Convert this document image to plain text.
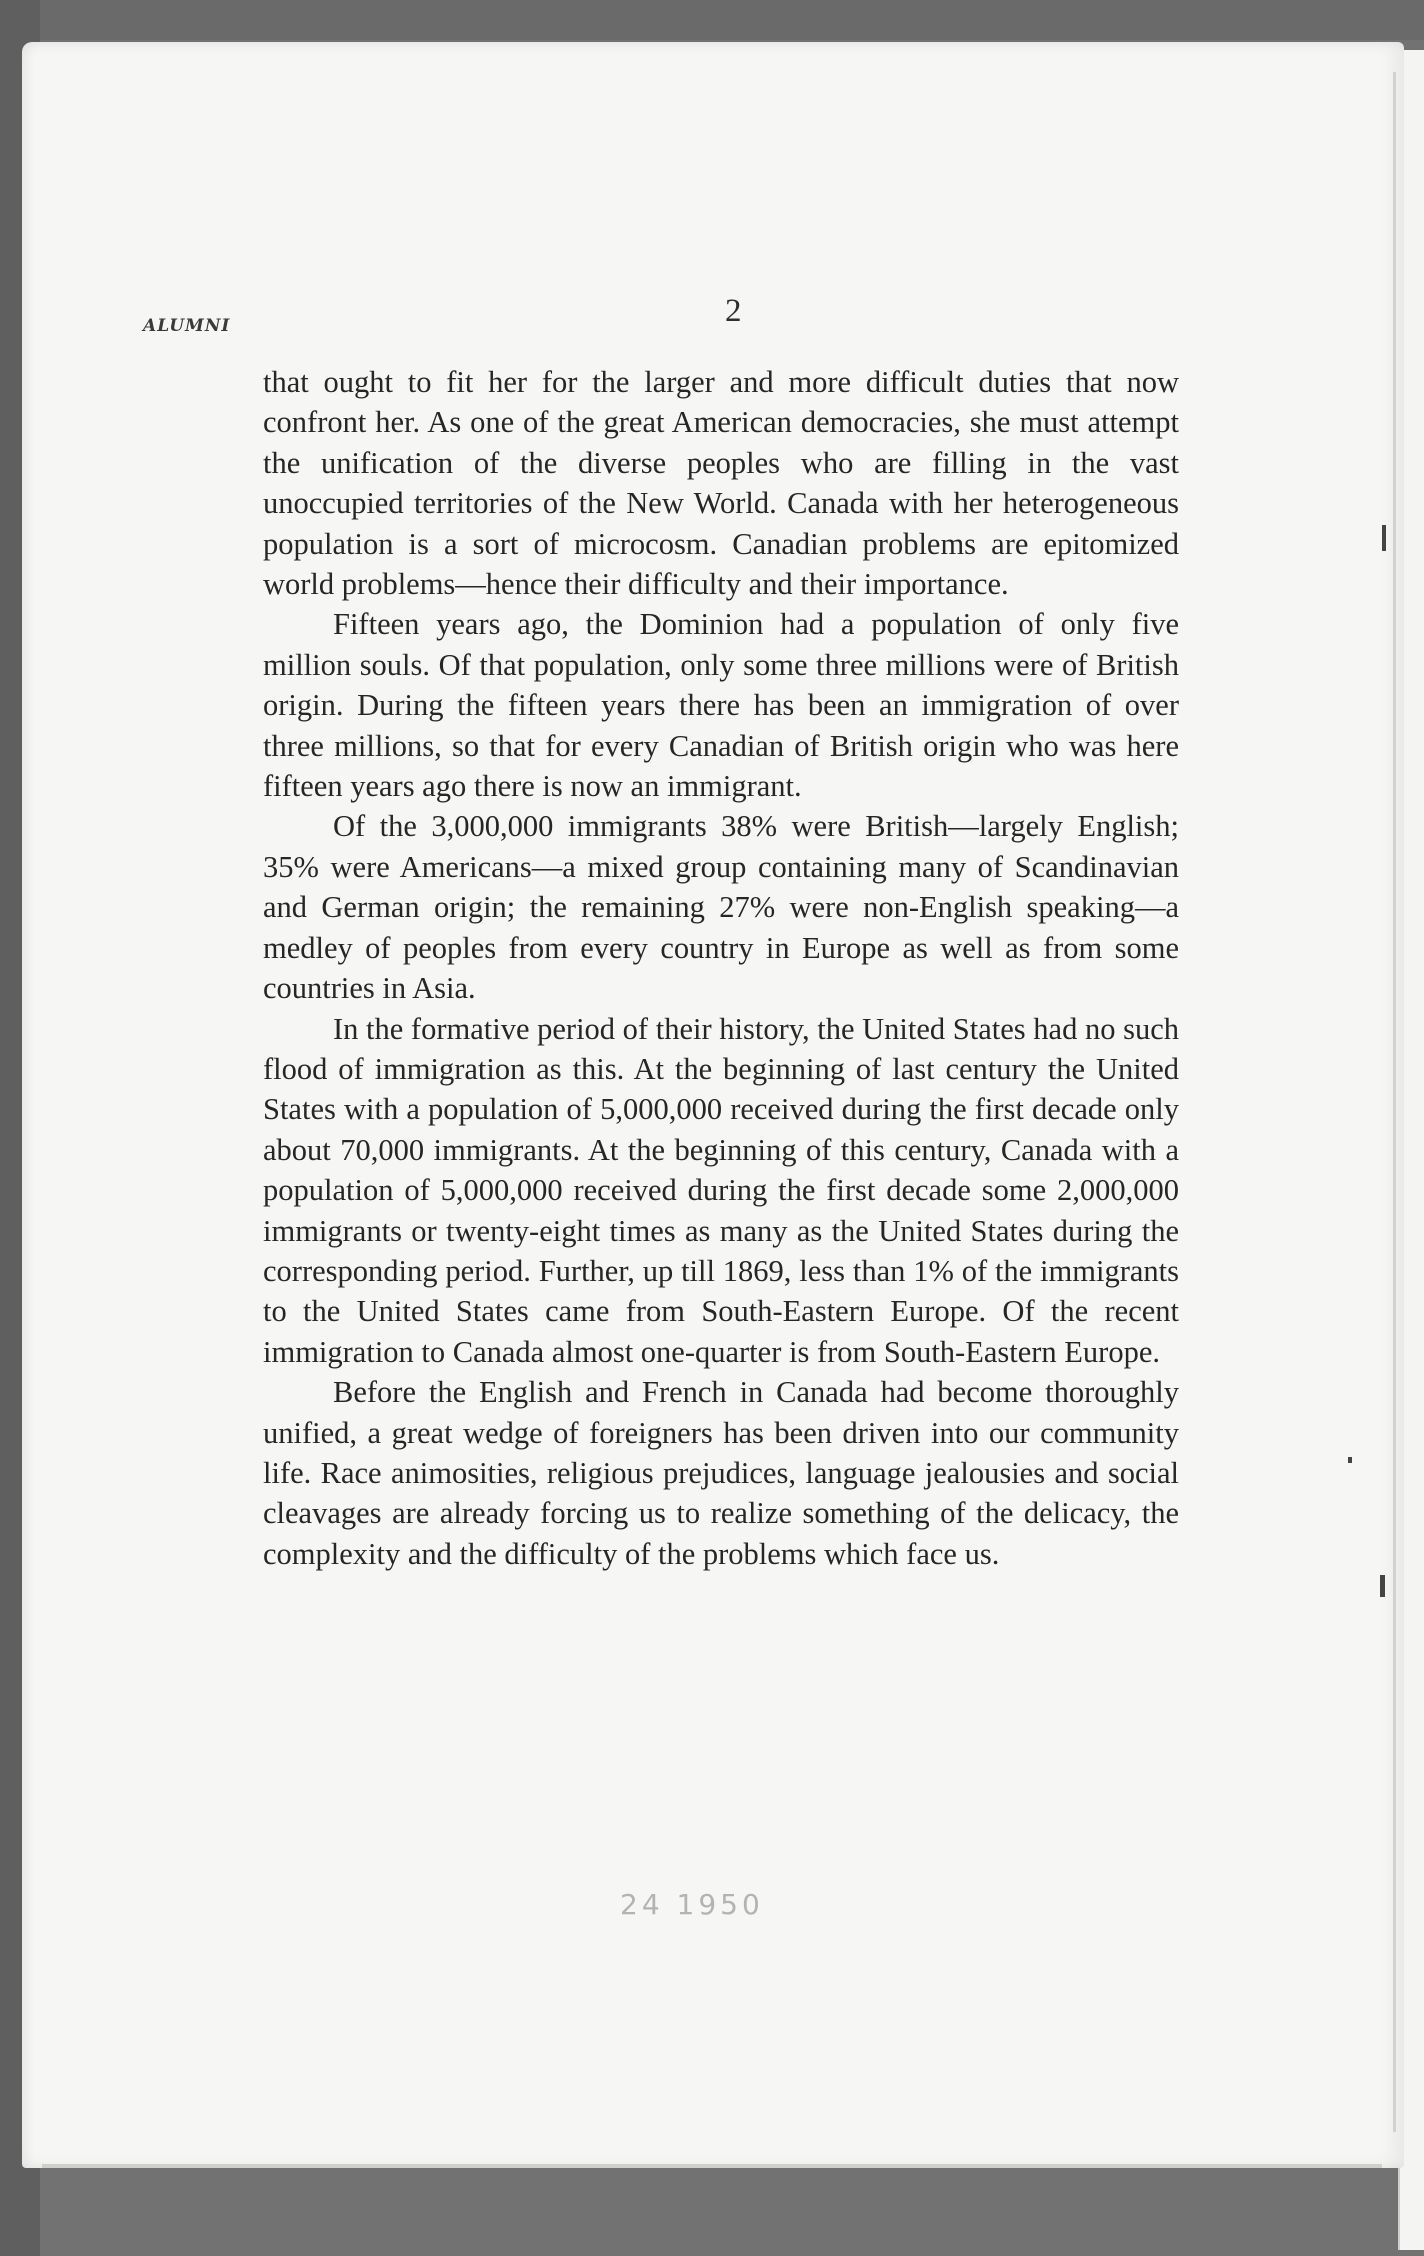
ALUMNI	2

that ought to fit her for the larger and more difficult duties that now confront her. As one of the great American democracies, she must attempt the unification of the diverse peoples who are filling in the vast unoccupied territories of the New World. Canada with her heterogeneous population is a sort of microcosm. Canadian problems are epitomized world problems—hence their difficulty and their importance.

Fifteen years ago, the Dominion had a population of only five million souls. Of that population, only some three millions were of British origin. During the fifteen years there has been an immigration of over three millions, so that for every Canadian of British origin who was here fifteen years ago there is now an immigrant.

Of the 3,000,000 immigrants 38% were British—largely English; 35% were Americans—a mixed group containing many of Scandinavian and German origin; the remaining 27% were non-English speaking—a medley of peoples from every country in Europe as well as from some countries in Asia.

In the formative period of their history, the United States had no such flood of immigration as this. At the beginning of last century the United States with a population of 5,000,000 received during the first decade only about 70,000 immigrants. At the beginning of this century, Canada with a population of 5,000,000 received during the first decade some 2,000,000 immigrants or twenty-eight times as many as the United States during the corresponding period. Further, up till 1869, less than 1% of the immigrants to the United States came from South-Eastern Europe. Of the recent immigration to Canada almost one-quarter is from South-Eastern Europe.

Before the English and French in Canada had become thoroughly unified, a great wedge of foreigners has been driven into our community life. Race animosities, religious prejudices, language jealousies and social cleavages are already forcing us to realize something of the delicacy, the complexity and the difficulty of the problems which face us.

24 1950
